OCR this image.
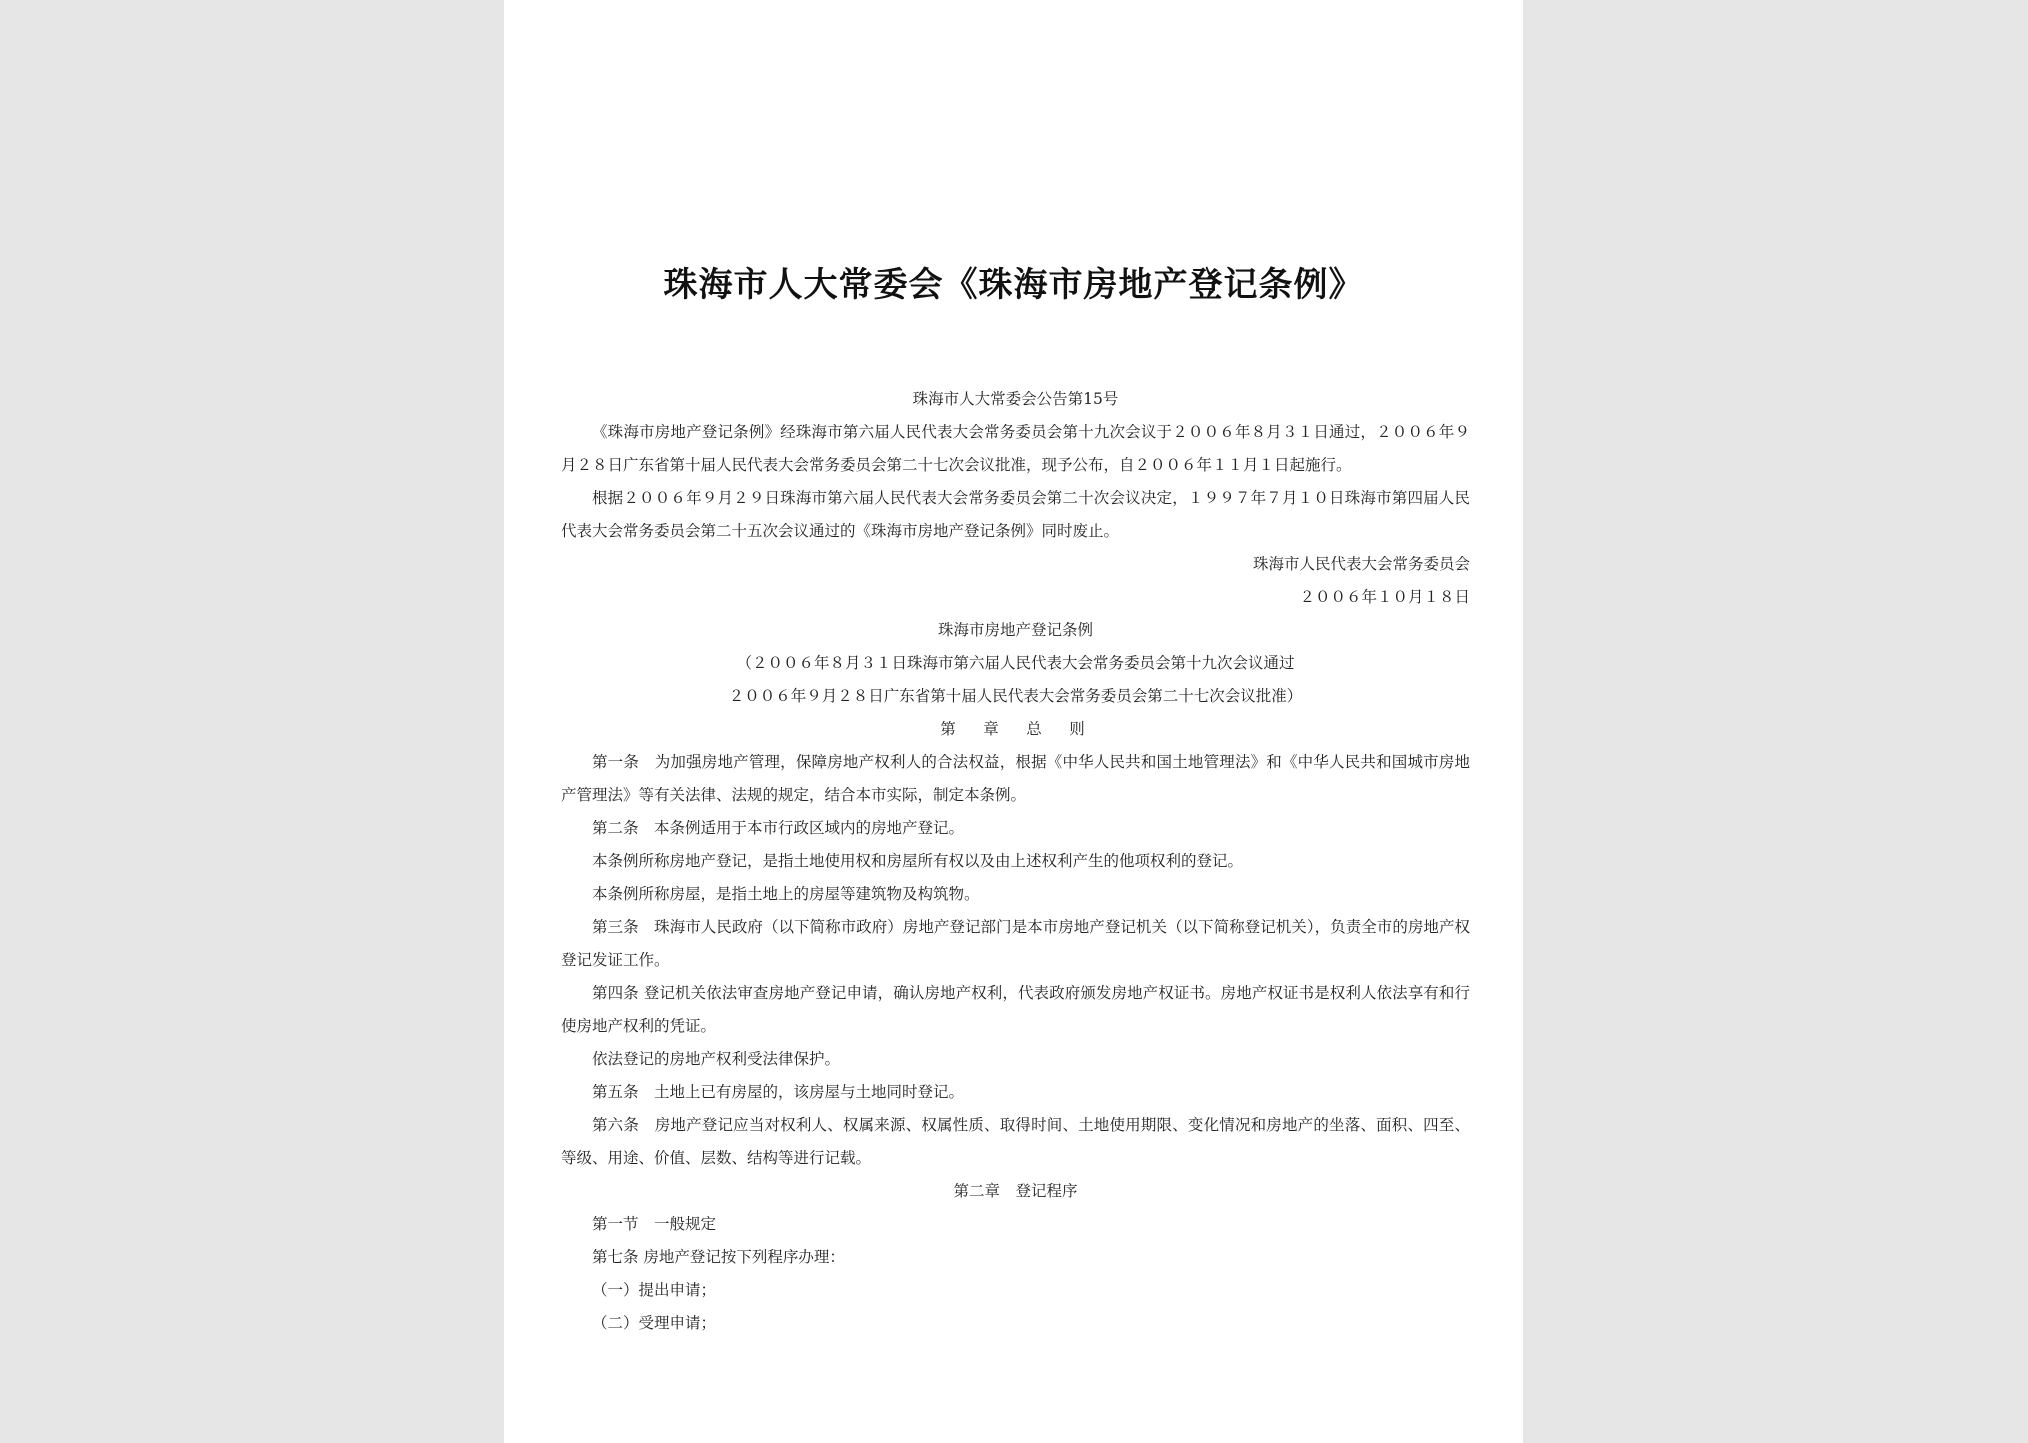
珠海市人大常委会《珠海市房地产登记条例》

珠海市人大常委会公告第15号

《珠海市房地产登记条例》经珠海市第六届人民代表大会常务委员会第十九次会议于２００６年８月３１日通过，２００６年９月２８日广东省第十届人民代表大会常务委员会第二十七次会议批准，现予公布，自２００６年１１月１日起施行。

根据２００６年９月２９日珠海市第六届人民代表大会常务委员会第二十次会议决定，１９９７年７月１０日珠海市第四届人民代表大会常务委员会第二十五次会议通过的《珠海市房地产登记条例》同时废止。

珠海市人民代表大会常务委员会

２００６年１０月１８日

珠海市房地产登记条例

（２００６年８月３１日珠海市第六届人民代表大会常务委员会第十九次会议通过

２００６年９月２８日广东省第十届人民代表大会常务委员会第二十七次会议批准）

第　章　总　则

第一条　为加强房地产管理，保障房地产权利人的合法权益，根据《中华人民共和国土地管理法》和《中华人民共和国城市房地产管理法》等有关法律、法规的规定，结合本市实际，制定本条例。

第二条　本条例适用于本市行政区域内的房地产登记。

本条例所称房地产登记，是指土地使用权和房屋所有权以及由上述权利产生的他项权利的登记。

本条例所称房屋，是指土地上的房屋等建筑物及构筑物。

第三条　珠海市人民政府（以下简称市政府）房地产登记部门是本市房地产登记机关（以下简称登记机关），负责全市的房地产权登记发证工作。

第四条 登记机关依法审查房地产登记申请，确认房地产权利，代表政府颁发房地产权证书。房地产权证书是权利人依法享有和行使房地产权利的凭证。

依法登记的房地产权利受法律保护。

第五条　土地上已有房屋的，该房屋与土地同时登记。

第六条　房地产登记应当对权利人、权属来源、权属性质、取得时间、土地使用期限、变化情况和房地产的坐落、面积、四至、等级、用途、价值、层数、结构等进行记载。

第二章　登记程序

第一节　一般规定

第七条 房地产登记按下列程序办理：

（一）提出申请；

（二）受理申请；
